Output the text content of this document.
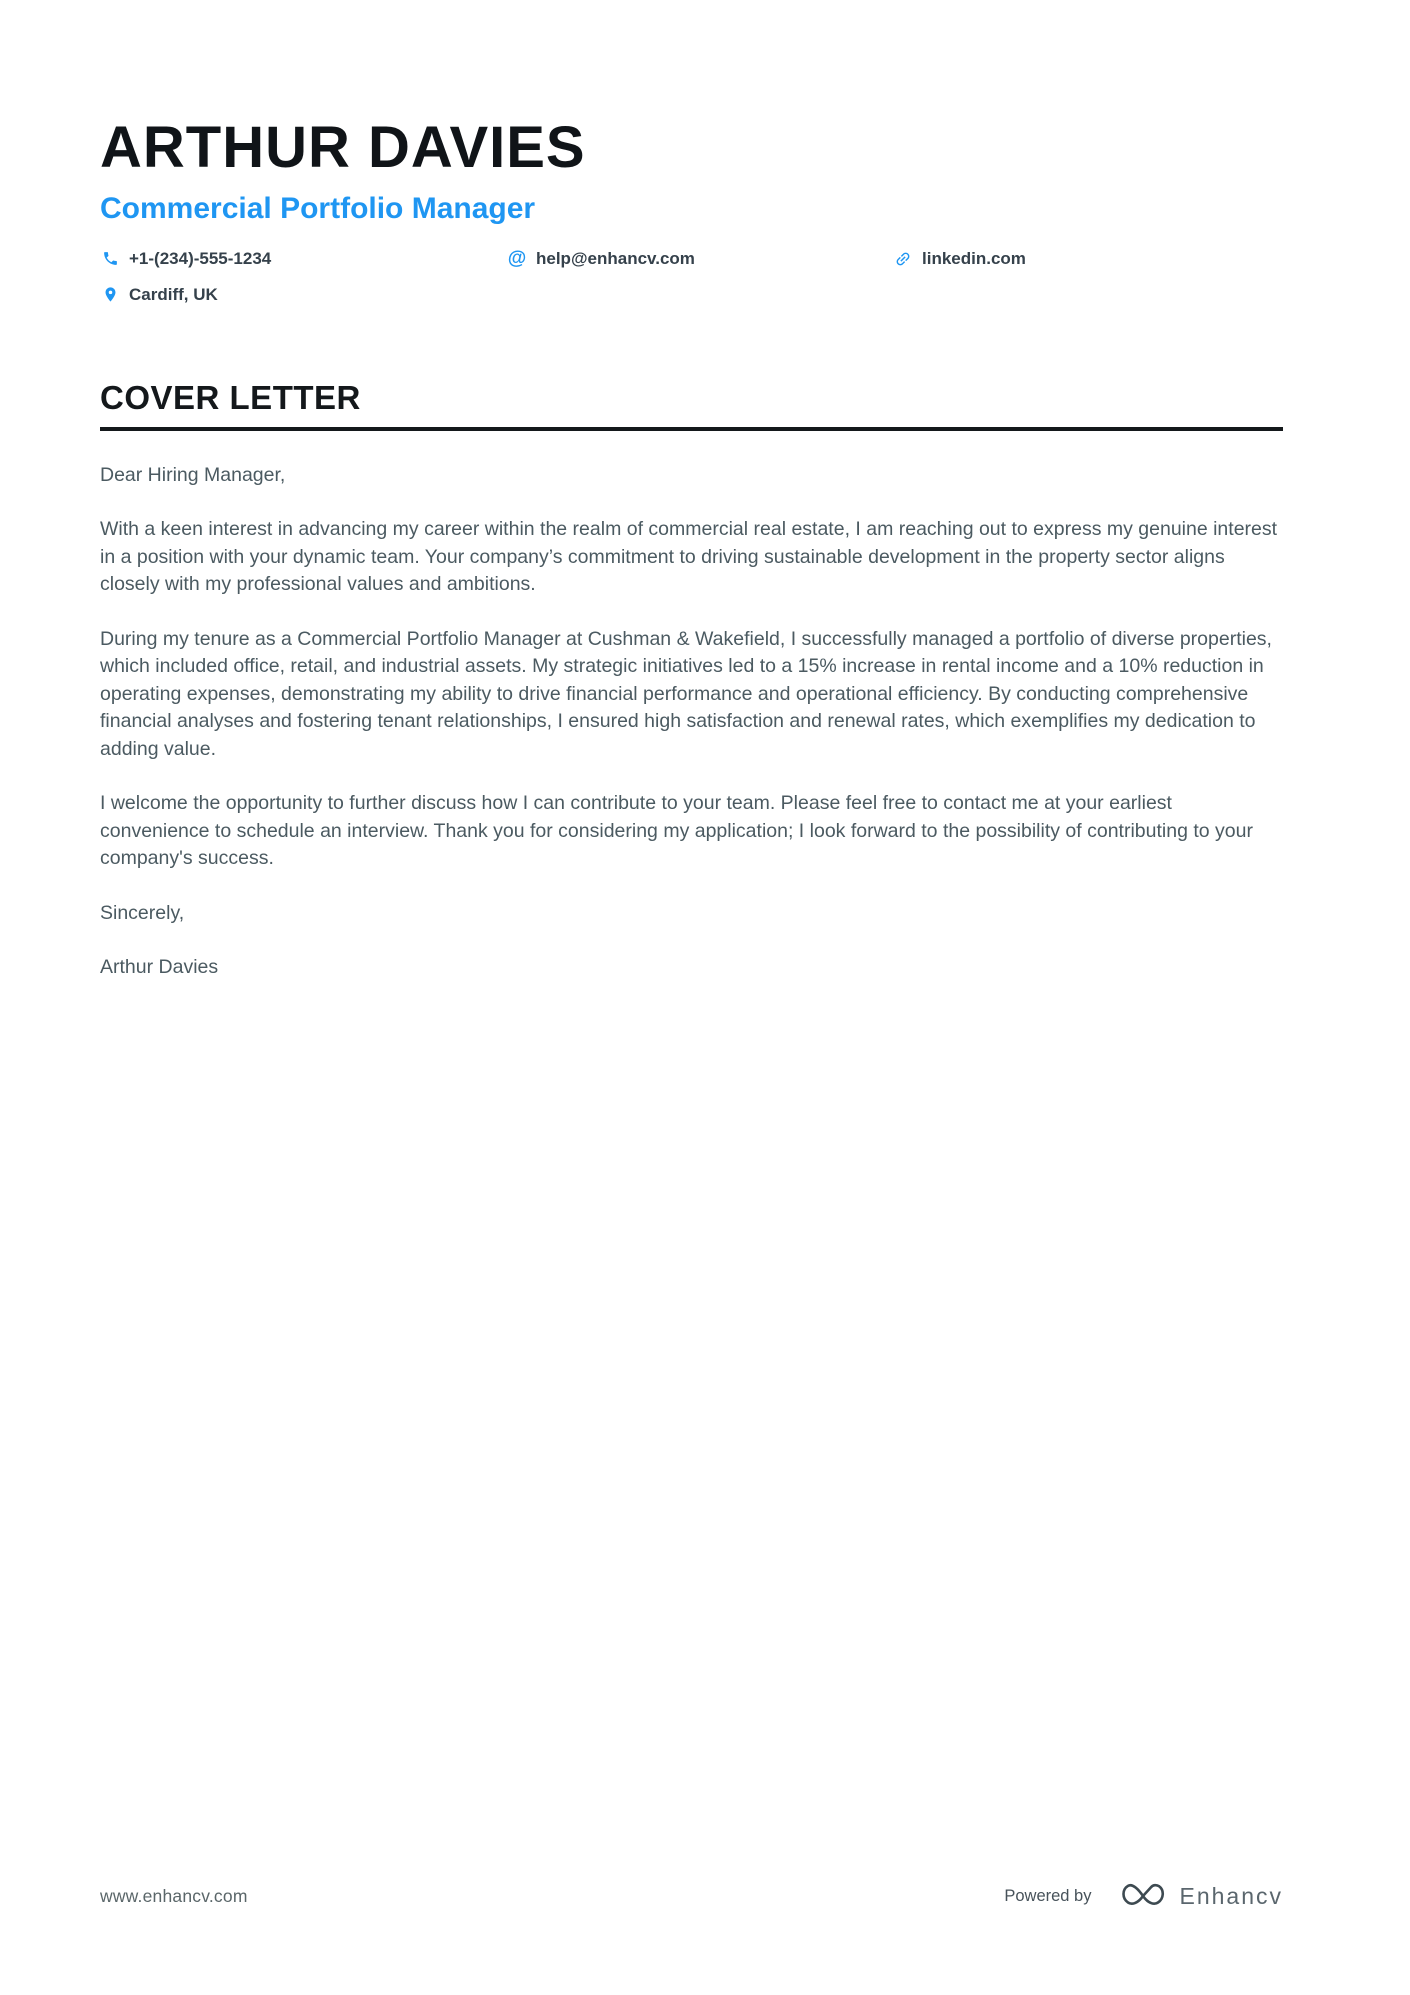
ARTHUR DAVIES
Commercial Portfolio Manager
+1-(234)-555-1234	@ help@enhancv.com	linkedin.com
Cardiff, UK
COVER LETTER

Dear Hiring Manager,

With a keen interest in advancing my career within the realm of commercial real estate, I am reaching out to express my genuine interest in a position with your dynamic team. Your company’s commitment to driving sustainable development in the property sector aligns closely with my professional values and ambitions.

During my tenure as a Commercial Portfolio Manager at Cushman & Wakefield, I successfully managed a portfolio of diverse properties, which included office, retail, and industrial assets. My strategic initiatives led to a 15% increase in rental income and a 10% reduction in operating expenses, demonstrating my ability to drive financial performance and operational efficiency. By conducting comprehensive financial analyses and fostering tenant relationships, I ensured high satisfaction and renewal rates, which exemplifies my dedication to adding value.

I welcome the opportunity to further discuss how I can contribute to your team. Please feel free to contact me at your earliest convenience to schedule an interview. Thank you for considering my application; I look forward to the possibility of contributing to your company's success.

Sincerely,

Arthur Davies

www.enhancv.com	Powered by	Enhancv
